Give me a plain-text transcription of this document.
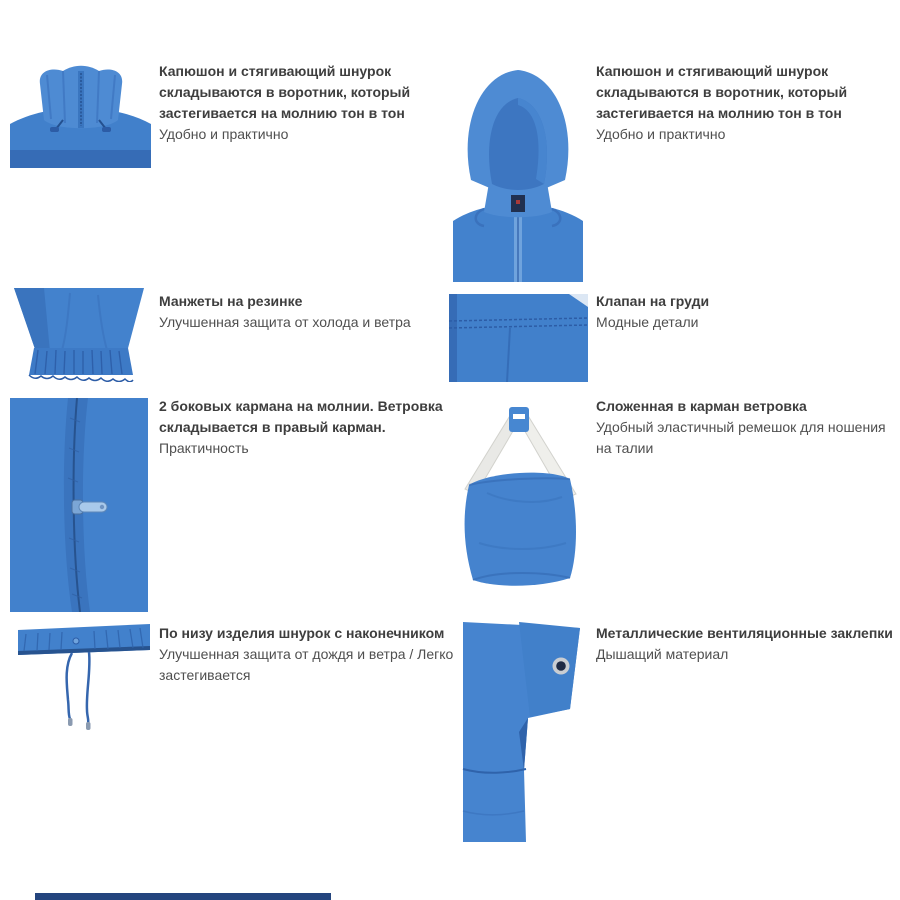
Капюшон и стягивающий шнурок складываются в воротник, который застегивается на молнию тон в тон

Удобно и практично

Капюшон и стягивающий шнурок складываются в воротник, который застегивается на молнию тон в тон

Удобно и практично

Манжеты на резинке

Улучшенная защита от холода и ветра

Клапан на груди

Модные детали

2 боковых кармана на молнии. Ветровка складывается в правый карман.

Практичность

Сложенная в карман ветровка

Удобный эластичный ремешок для ношения на талии

По низу изделия шнурок с наконечником

Улучшенная защита от дождя и ветра / Легко застегивается

Металлические вентиляционные заклепки

Дышащий материал
